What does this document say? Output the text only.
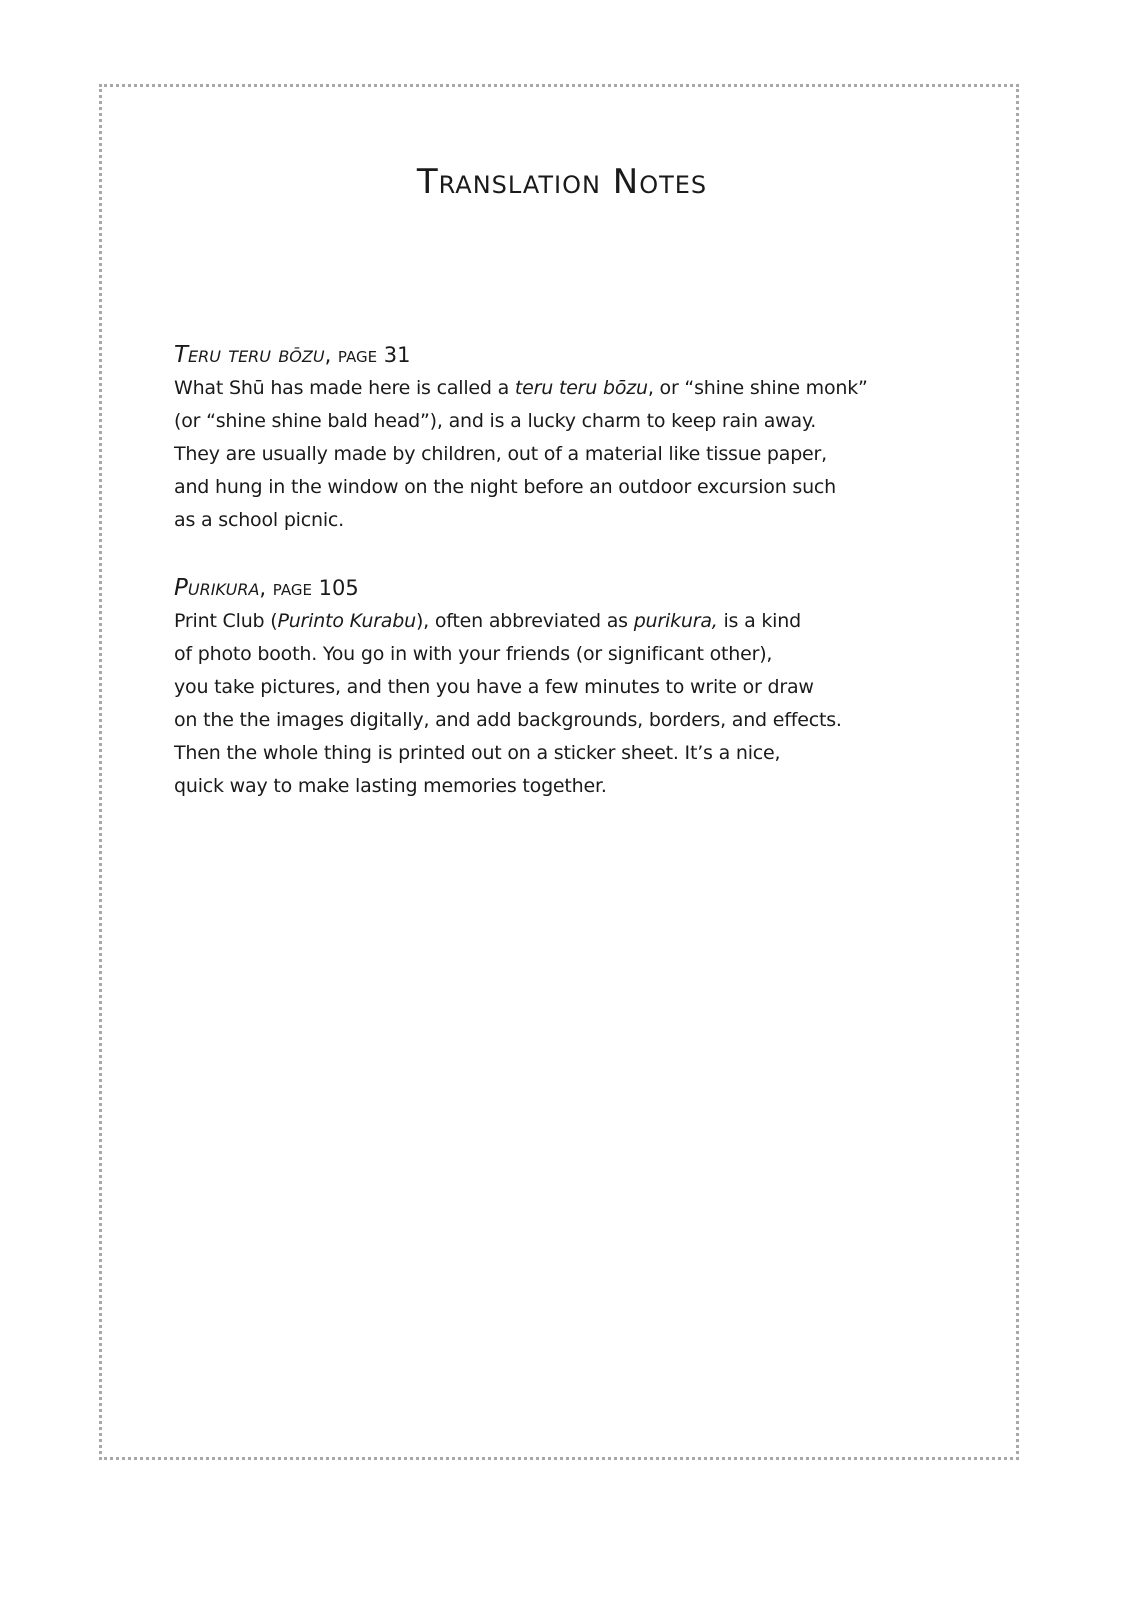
Translation Notes
Teru teru bōzu, page 31
What Shū has made here is called a teru teru bōzu, or “shine shine monk”
(or “shine shine bald head”), and is a lucky charm to keep rain away.
They are usually made by children, out of a material like tissue paper,
and hung in the window on the night before an outdoor excursion such
as a school picnic.
Purikura, page 105
Print Club (Purinto Kurabu), often abbreviated as purikura, is a kind
of photo booth. You go in with your friends (or significant other),
you take pictures, and then you have a few minutes to write or draw
on the the images digitally, and add backgrounds, borders, and effects.
Then the whole thing is printed out on a sticker sheet. It’s a nice,
quick way to make lasting memories together.
